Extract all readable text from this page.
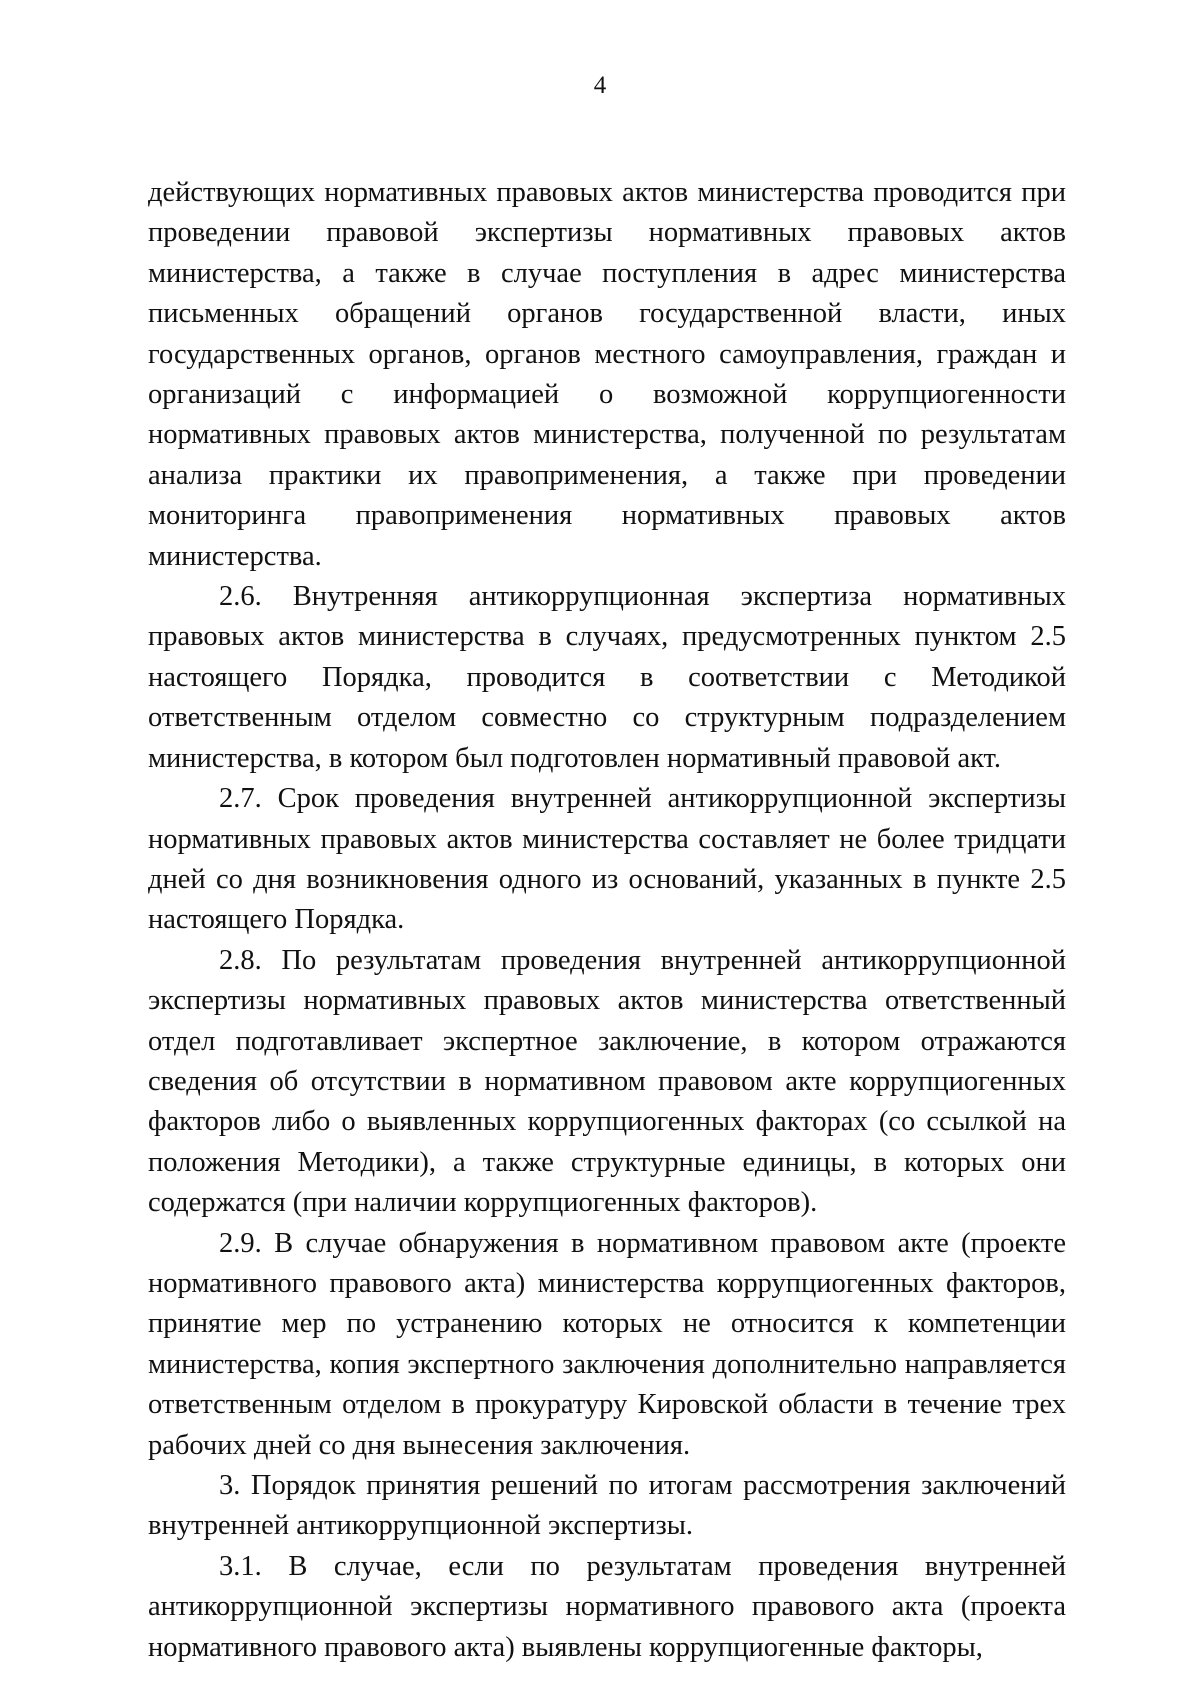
4

действующих нормативных правовых актов министерства проводится при проведении правовой экспертизы нормативных правовых актов министерства, а также в случае поступления в адрес министерства письменных обращений органов государственной власти, иных государственных органов, органов местного самоуправления, граждан и организаций с информацией о возможной коррупциогенности нормативных правовых актов министерства, полученной по результатам анализа практики их правоприменения, а также при проведении мониторинга правоприменения нормативных правовых актов министерства.

2.6. Внутренняя антикоррупционная экспертиза нормативных правовых актов министерства в случаях, предусмотренных пунктом 2.5 настоящего Порядка, проводится в соответствии с Методикой ответственным отделом совместно со структурным подразделением министерства, в котором был подготовлен нормативный правовой акт.

2.7. Срок проведения внутренней антикоррупционной экспертизы нормативных правовых актов министерства составляет не более тридцати дней со дня возникновения одного из оснований, указанных в пункте 2.5 настоящего Порядка.

2.8. По результатам проведения внутренней антикоррупционной экспертизы нормативных правовых актов министерства ответственный отдел подготавливает экспертное заключение, в котором отражаются сведения об отсутствии в нормативном правовом акте коррупциогенных факторов либо о выявленных коррупциогенных факторах (со ссылкой на положения Методики), а также структурные единицы, в которых они содержатся (при наличии коррупциогенных факторов).

2.9. В случае обнаружения в нормативном правовом акте (проекте нормативного правового акта) министерства коррупциогенных факторов, принятие мер по устранению которых не относится к компетенции министерства, копия экспертного заключения дополнительно направляется ответственным отделом в прокуратуру Кировской области в течение трех рабочих дней со дня вынесения заключения.

3. Порядок принятия решений по итогам рассмотрения заключений внутренней антикоррупционной экспертизы.

3.1. В случае, если по результатам проведения внутренней антикоррупционной экспертизы нормативного правового акта (проекта нормативного правового акта) выявлены коррупциогенные факторы,
